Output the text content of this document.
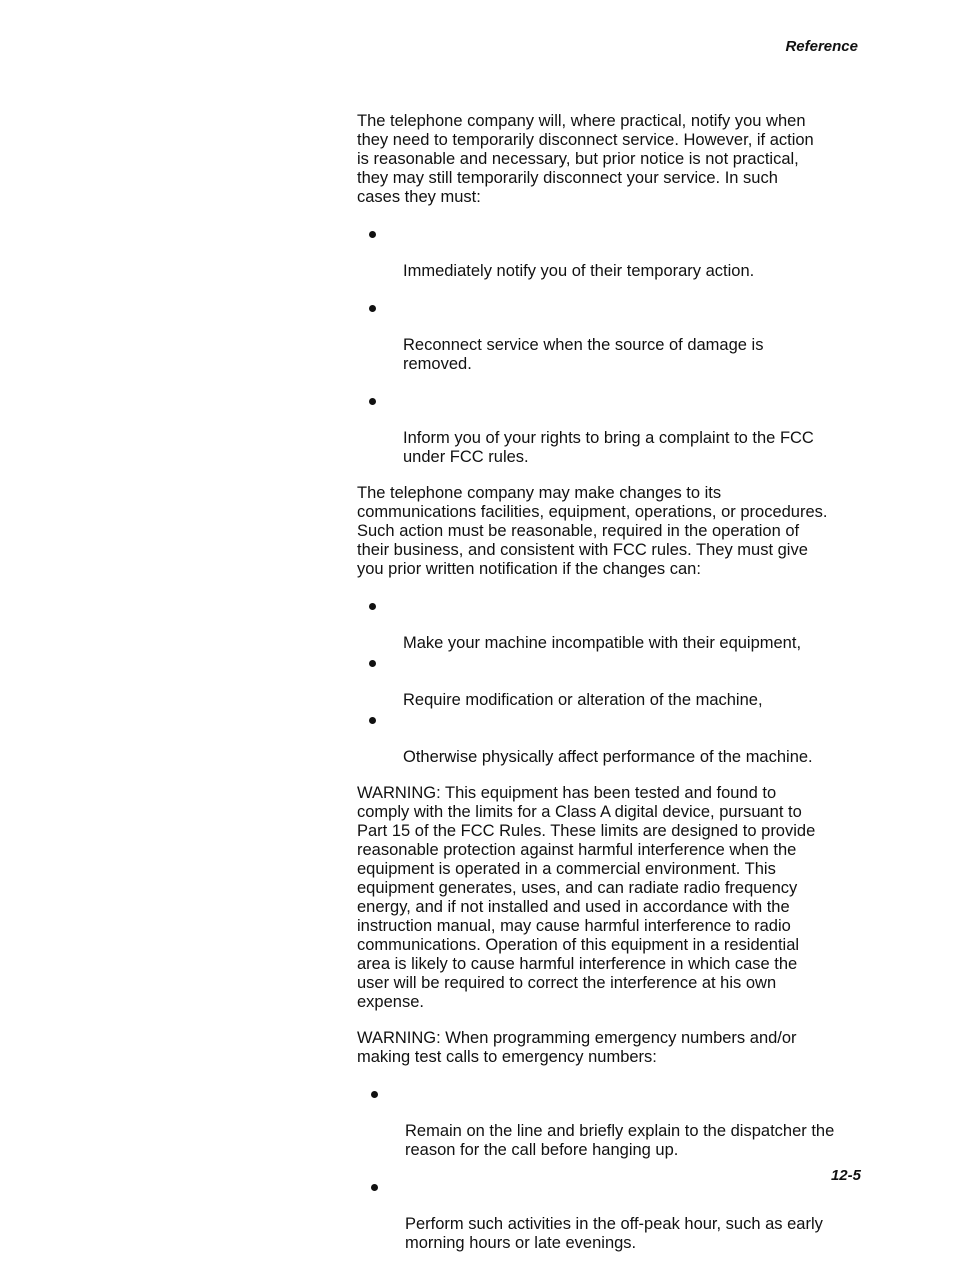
Reference

The telephone company will, where practical, notify you when
they need to temporarily disconnect service. However, if action
is reasonable and necessary, but prior notice is not practical,
they may still temporarily disconnect your service. In such
cases they must:

Immediately notify you of their temporary action.

Reconnect service when the source of damage is
removed.

Inform you of your rights to bring a complaint to the FCC
under FCC rules.

The telephone company may make changes to its
communications facilities, equipment, operations, or procedures.
Such action must be reasonable, required in the operation of
their business, and consistent with FCC rules. They must give
you prior written notification if the changes can:

Make your machine incompatible with their equipment,

Require modification or alteration of the machine,

Otherwise physically affect performance of the machine.

WARNING: This equipment has been tested and found to
comply with the limits for a Class A digital device, pursuant to
Part 15 of the FCC Rules. These limits are designed to provide
reasonable protection against harmful interference when the
equipment is operated in a commercial environment. This
equipment generates, uses, and can radiate radio frequency
energy, and if not installed and used in accordance with the
instruction manual, may cause harmful interference to radio
communications. Operation of this equipment in a residential
area is likely to cause harmful interference in which case the
user will be required to correct the interference at his own
expense.

WARNING: When programming emergency numbers and/or
making test calls to emergency numbers:

Remain on the line and briefly explain to the dispatcher the
reason for the call before hanging up.

Perform such activities in the off-peak hour, such as early
morning hours or late evenings.

12-5
